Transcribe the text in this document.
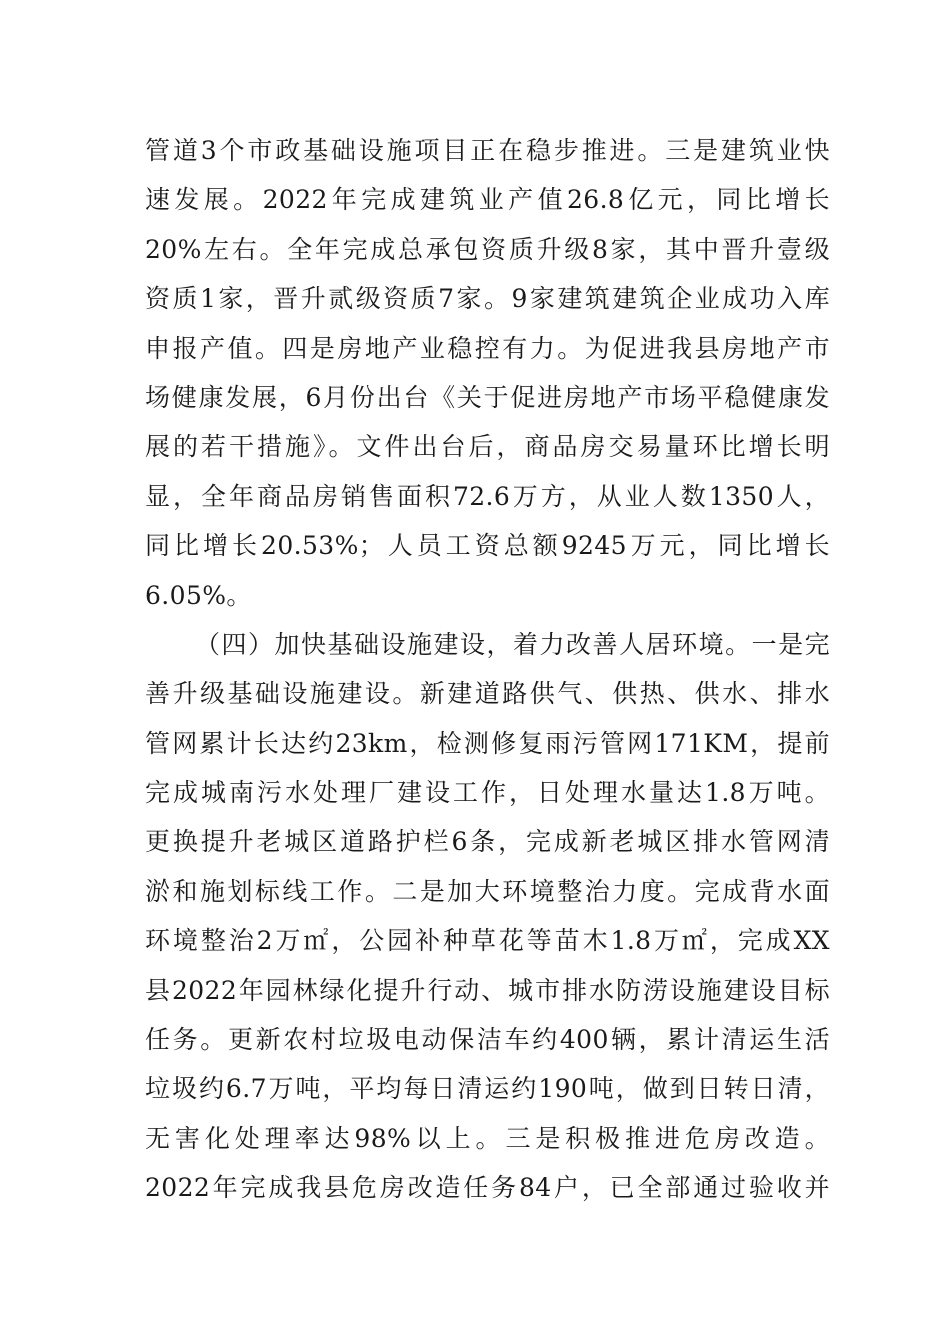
管道3个市政基础设施项目正在稳步推进。三是建筑业快
速发展。2022年完成建筑业产值26.8亿元，同比增长
20%左右。全年完成总承包资质升级8家，其中晋升壹级
资质1家，晋升贰级资质7家。9家建筑建筑企业成功入库
申报产值。四是房地产业稳控有力。为促进我县房地产市
场健康发展，6月份出台《关于促进房地产市场平稳健康发
展的若干措施》。文件出台后，商品房交易量环比增长明
显，全年商品房销售面积72.6万方，从业人数1350人，
同比增长20.53%；人员工资总额9245万元，同比增长
6.05%。
（四）加快基础设施建设，着力改善人居环境。一是完
善升级基础设施建设。新建道路供气、供热、供水、排水
管网累计长达约23km，检测修复雨污管网171KM，提前
完成城南污水处理厂建设工作，日处理水量达1.8万吨。
更换提升老城区道路护栏6条，完成新老城区排水管网清
淤和施划标线工作。二是加大环境整治力度。完成背水面
环境整治2万㎡，公园补种草花等苗木1.8万㎡，完成XX
县2022年园林绿化提升行动、城市排水防涝设施建设目标
任务。更新农村垃圾电动保洁车约400辆，累计清运生活
垃圾约6.7万吨，平均每日清运约190吨，做到日转日清，
无害化处理率达98%以上。三是积极推进危房改造。
2022年完成我县危房改造任务84户，已全部通过验收并
